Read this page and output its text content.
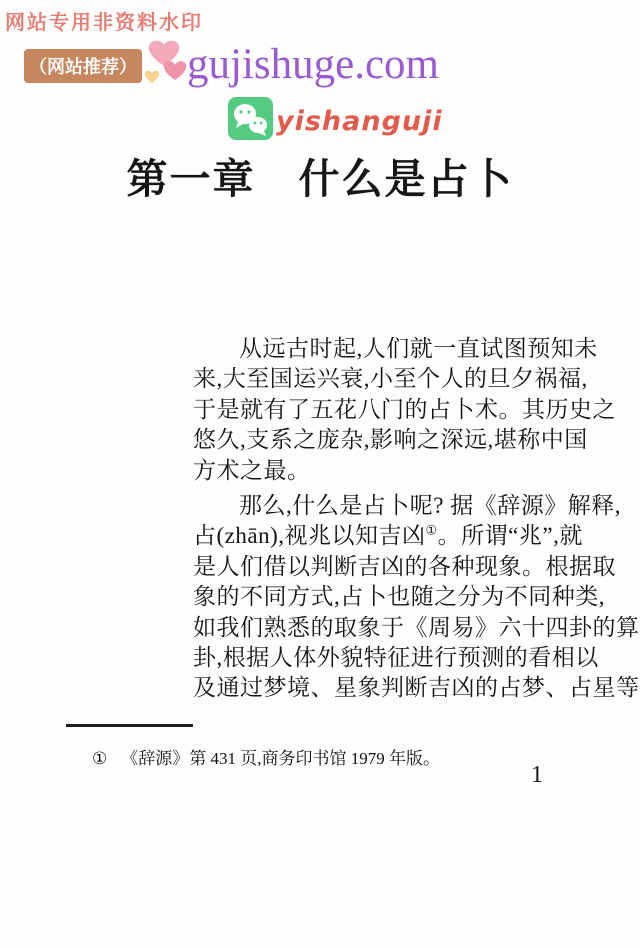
网站专用非资料水印
（网站推荐） gujishuge.com
yishanguji
第一章　什么是占卜
从远古时起,人们就一直试图预知未
来,大至国运兴衰,小至个人的旦夕祸福,
于是就有了五花八门的占卜术。其历史之
悠久,支系之庞杂,影响之深远,堪称中国
方术之最。
那么,什么是占卜呢? 据《辞源》解释,
占(zhān),视兆以知吉凶①。所谓“兆”,就
是人们借以判断吉凶的各种现象。根据取
象的不同方式,占卜也随之分为不同种类,
如我们熟悉的取象于《周易》六十四卦的算
卦,根据人体外貌特征进行预测的看相以
及通过梦境、星象判断吉凶的占梦、占星等
① 《辞源》第 431 页,商务印书馆 1979 年版。
1
